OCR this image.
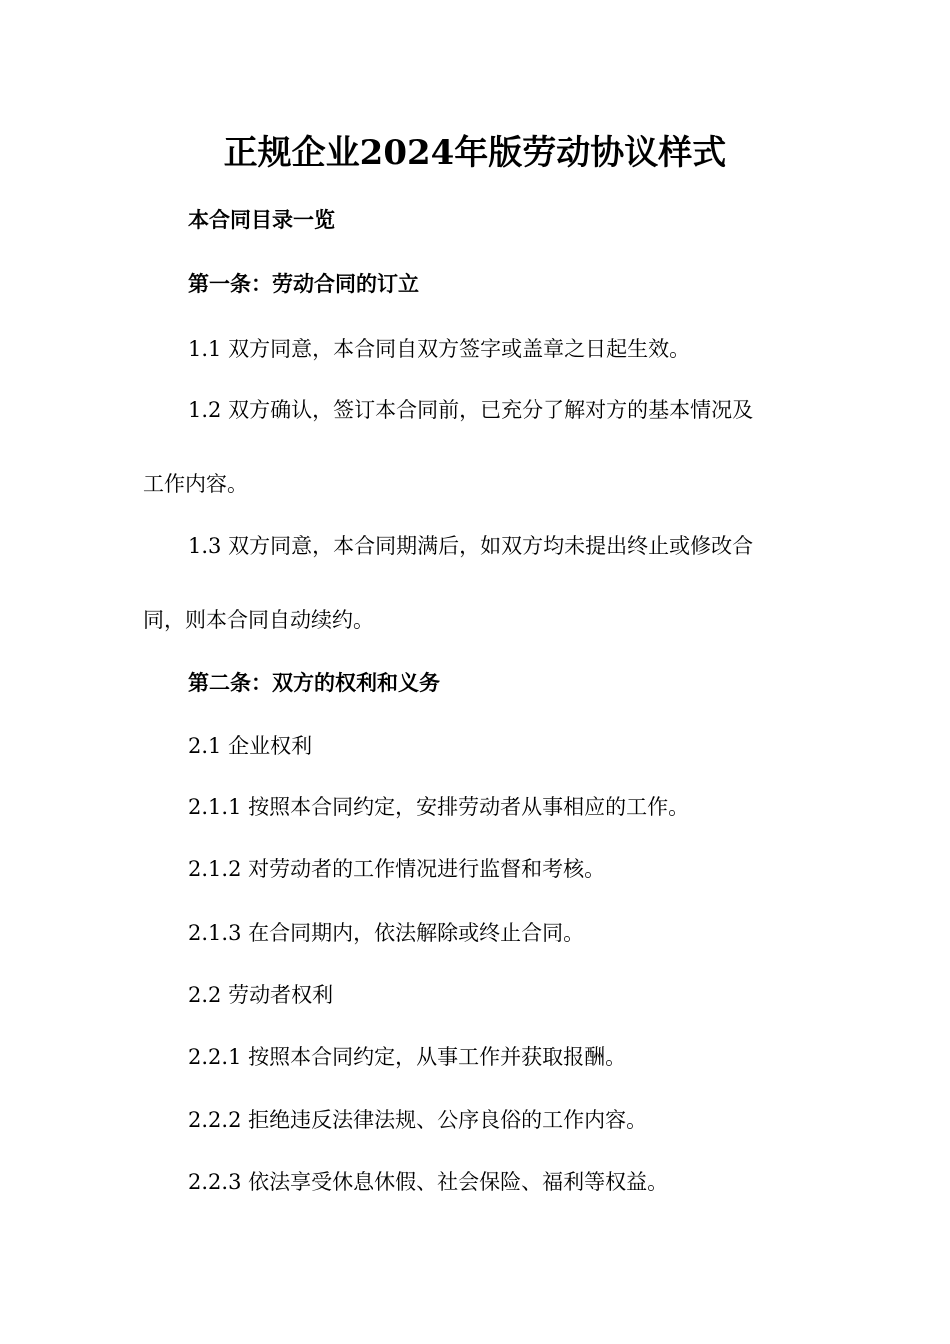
正规企业2024年版劳动协议样式

本合同目录一览

第一条：劳动合同的订立

1.1 双方同意，本合同自双方签字或盖章之日起生效。

1.2 双方确认，签订本合同前，已充分了解对方的基本情况及

工作内容。

1.3 双方同意，本合同期满后，如双方均未提出终止或修改合

同，则本合同自动续约。

第二条：双方的权利和义务

2.1 企业权利

2.1.1 按照本合同约定，安排劳动者从事相应的工作。

2.1.2 对劳动者的工作情况进行监督和考核。

2.1.3 在合同期内，依法解除或终止合同。

2.2 劳动者权利

2.2.1 按照本合同约定，从事工作并获取报酬。

2.2.2 拒绝违反法律法规、公序良俗的工作内容。

2.2.3 依法享受休息休假、社会保险、福利等权益。
